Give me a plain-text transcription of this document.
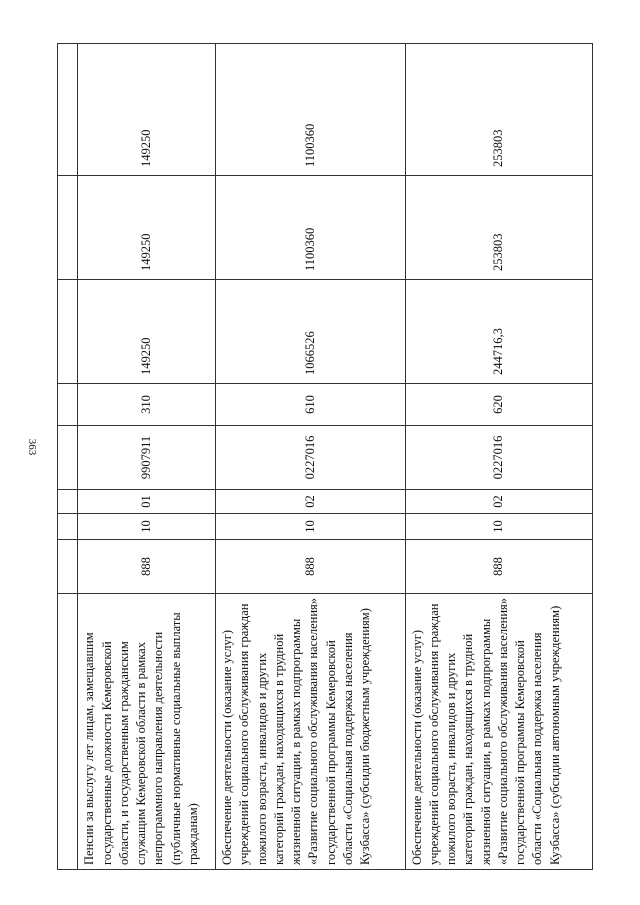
363

Пенсии за выслугу лет лицам, замещавшим государственные должности Кемеровской области, и государственным гражданским служащим Кемеровской области в рамках непрограммного направления деятельности (публичные нормативные социальные выплаты гражданам)	888	10	01	9907911	310	149250	149250	149250
Обеспечение деятельности (оказание услуг) учреждений социального обслуживания граждан пожилого возраста, инвалидов и других категорий граждан, находящихся в трудной жизненной ситуации, в рамках подпрограммы «Развитие социального обслуживания населения» государственной программы Кемеровской области «Социальная поддержка населения Кузбасса» (субсидии бюджетным учреждениям)	888	10	02	0227016	610	1066526	1100360	1100360
Обеспечение деятельности (оказание услуг) учреждений социального обслуживания граждан пожилого возраста, инвалидов и других категорий граждан, находящихся в трудной жизненной ситуации, в рамках подпрограммы «Развитие социального обслуживания населения» государственной программы Кемеровской области «Социальная поддержка населения Кузбасса» (субсидии автономным учреждениям)	888	10	02	0227016	620	244716,3	253803	253803
